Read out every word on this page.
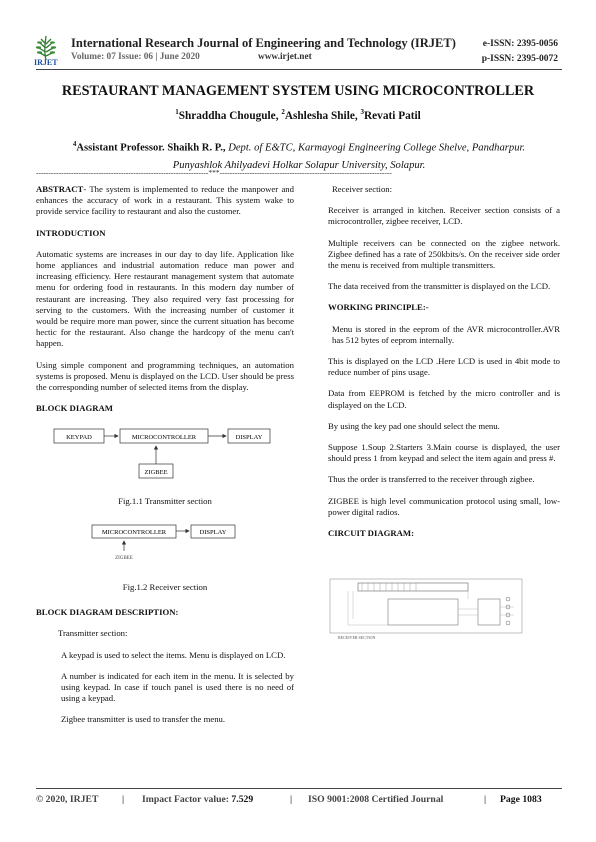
IRJET
International Research Journal of Engineering and Technology (IRJET)
Volume: 07 Issue: 06 | June 2020	www.irjet.net
e-ISSN: 2395-0056
p-ISSN: 2395-0072
RESTAURANT MANAGEMENT SYSTEM USING MICROCONTROLLER
$^1$Shraddha Chougule, $^2$Ashlesha Shile, $^3$Revati Patil
$^4$Assistant Professor. Shaikh R. P., Dept. of E&TC, Karmayogi Engineering College Shelve, Pandharpur.
Punyashlok Ahilyadevi Holkar Solapur University, Solapur.
---------------------------------------------------------------------***---------------------------------------------------------------------

ABSTRACT- The system is implemented to reduce the manpower and enhances the accuracy of work in a restaurant. This system wake to provide service facility to restaurant and also the customer.

INTRODUCTION

Automatic systems are increases in our day to day life. Application like home appliances and industrial automation reduce man power and increasing efficiency. Here restaurant management system that automate menu for ordering food in restaurants. In this modern day number of restaurant are increasing. They also required very fast processing for serving to the customers. With the increasing number of customer it would be require more man power, since the current situation has become hectic for the restaurant. Also change the hardcopy of the menu can't happen.

Using simple component and programming techniques, an automation systems is proposed. Menu is displayed on the LCD. User should be press the corresponding number of selected items from the display.

BLOCK DIAGRAM
KEYPAD	MICROCONTROLLER	DISPLAY
ZIGBEE
Fig.1.1 Transmitter section
MICROCONTROLLER	DISPLAY
ZIGBEE
Fig.1.2 Receiver section
BLOCK DIAGRAM DESCRIPTION:

Transmitter section:

A keypad is used to select the items. Menu is displayed on LCD.

A number is indicated for each item in the menu. It is selected by using keypad. In case if touch panel is used there is no need of using a keypad.

Zigbee transmitter is used to transfer the menu.

Receiver section:

Receiver is arranged in kitchen. Receiver section consists of a microcontroller, zigbee receiver, LCD.

Multiple receivers can be connected on the zigbee network. Zigbee defined has a rate of 250kbits/s. On the receiver side order the menu is received from multiple transmitters.

The data received from the transmitter is displayed on the LCD.

WORKING PRINCIPLE:-

Menu is stored in the eeprom of the AVR microcontroller.AVR has 512 bytes of eeprom internally.

This is displayed on the LCD .Here LCD is used in 4bit mode to reduce number of pins usage.

Data from EEPROM is fetched by the micro controller and is displayed on the LCD.

By using the key pad one should select the menu.

Suppose 1.Soup 2.Starters 3.Main course is displayed, the user should press 1 from keypad and select the item again and press #.

Thus the order is transferred to the receiver through zigbee.

ZIGBEE is high level communication protocol using small, low-power digital radios.

CIRCUIT DIAGRAM:
RECEIVER SECTION
© 2020, IRJET | Impact Factor value: 7.529	| ISO 9001:2008 Certified Journal	| Page 1083
